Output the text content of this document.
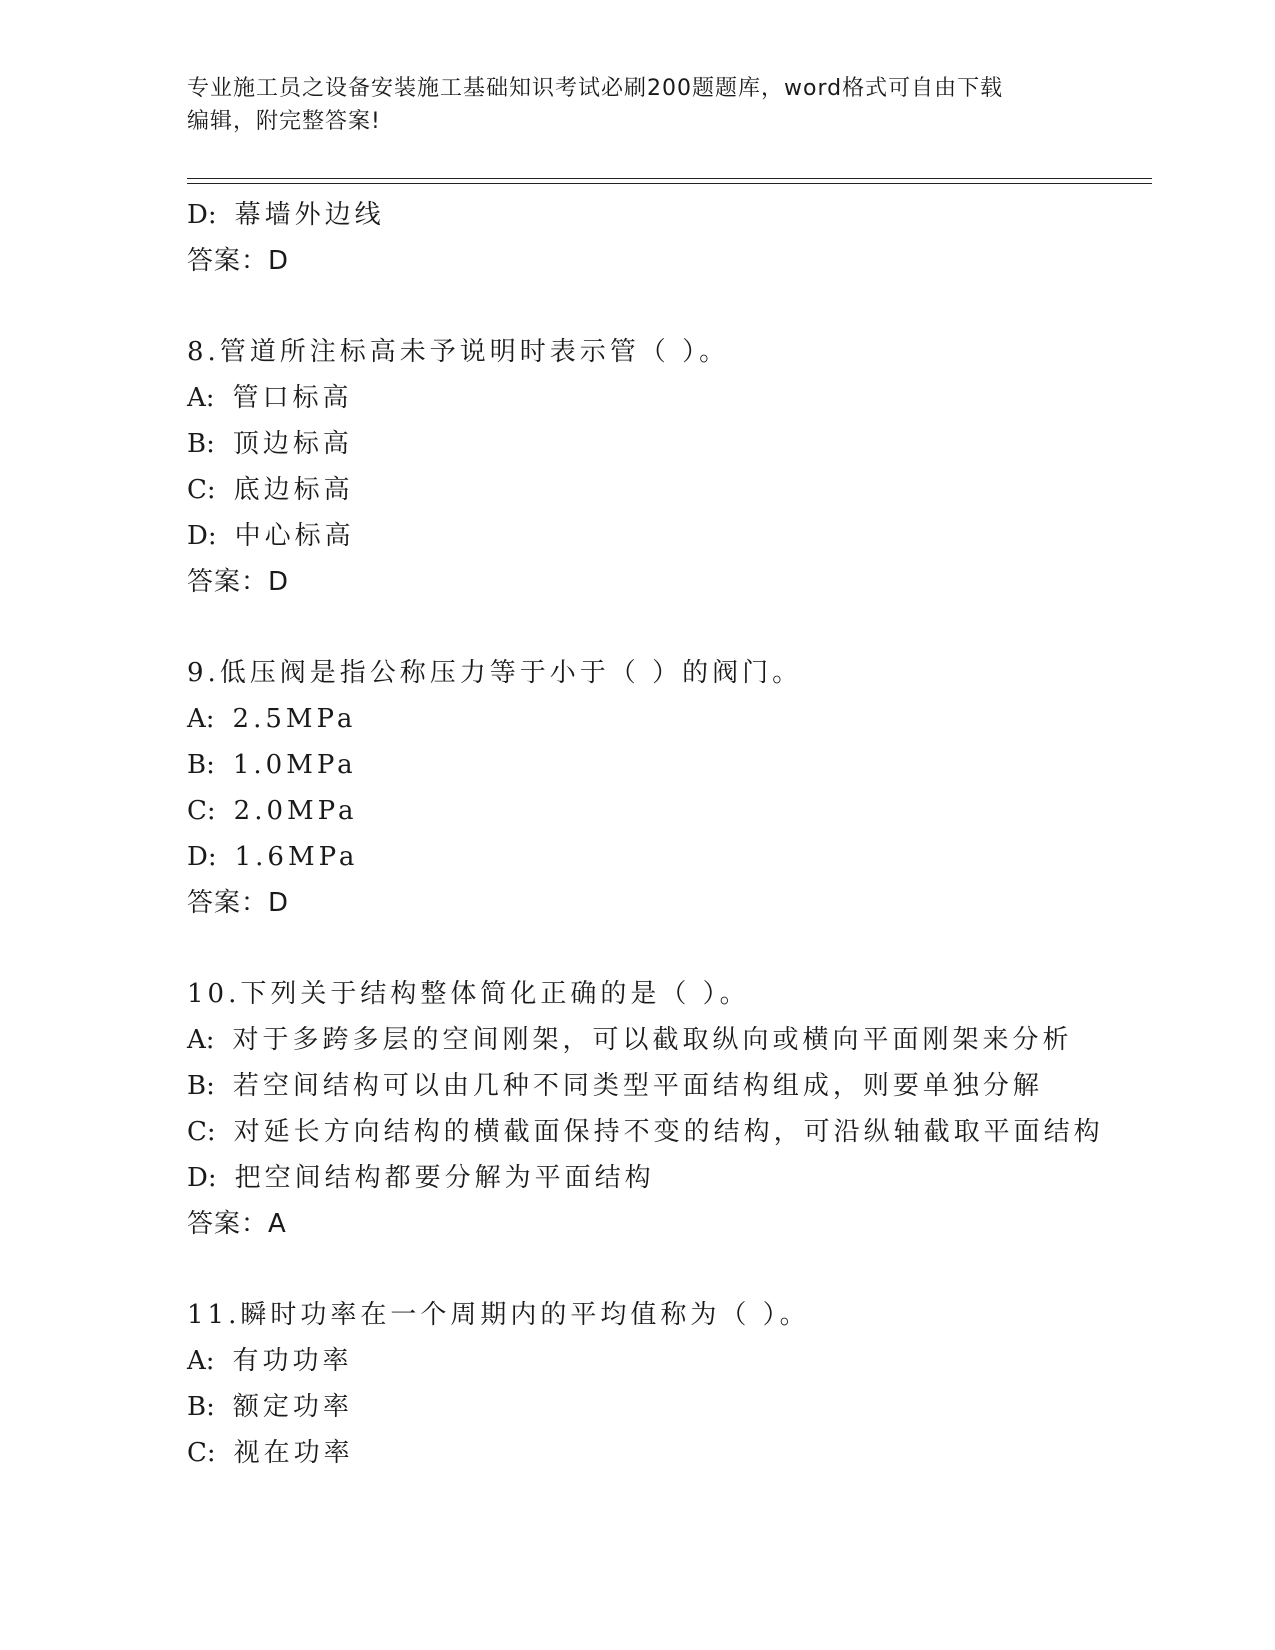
专业施工员之设备安装施工基础知识考试必刷200题题库，word格式可自由下载
编辑，附完整答案!
D: 幕墙外边线
答案：D
8.管道所注标高未予说明时表示管（ ）。
A: 管口标高
B: 顶边标高
C: 底边标高
D: 中心标高
答案：D
9.低压阀是指公称压力等于小于（ ）的阀门。
A: 2.5MPa
B: 1.0MPa
C: 2.0MPa
D: 1.6MPa
答案：D
10.下列关于结构整体简化正确的是（ ）。
A: 对于多跨多层的空间刚架，可以截取纵向或横向平面刚架来分析
B: 若空间结构可以由几种不同类型平面结构组成，则要单独分解
C: 对延长方向结构的横截面保持不变的结构，可沿纵轴截取平面结构
D: 把空间结构都要分解为平面结构
答案：A
11.瞬时功率在一个周期内的平均值称为（ ）。
A: 有功功率
B: 额定功率
C: 视在功率
